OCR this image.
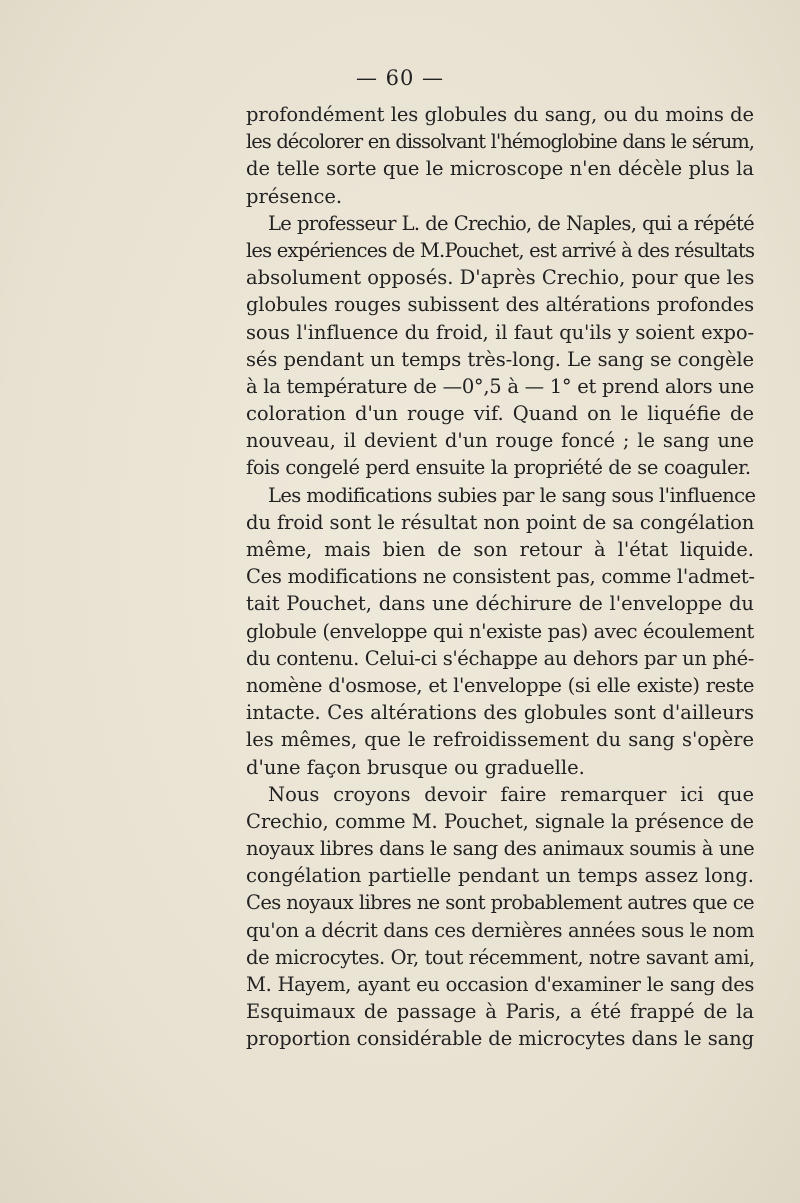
— 60 —
profondément les globules du sang, ou du moins de
les décolorer en dissolvant l'hémoglobine dans le sérum,
de telle sorte que le microscope n'en décèle plus la
présence.
Le professeur L. de Crechio, de Naples, qui a répété
les expériences de M.Pouchet, est arrivé à des résultats
absolument opposés. D'après Crechio, pour que les
globules rouges subissent des altérations profondes
sous l'influence du froid, il faut qu'ils y soient expo-
sés pendant un temps très-long. Le sang se congèle
à la température de —0°,5 à — 1° et prend alors une
coloration d'un rouge vif. Quand on le liquéfie de
nouveau, il devient d'un rouge foncé ; le sang une
fois congelé perd ensuite la propriété de se coaguler.
Les modifications subies par le sang sous l'influence
du froid sont le résultat non point de sa congélation
même, mais bien de son retour à l'état liquide.
Ces modifications ne consistent pas, comme l'admet-
tait Pouchet, dans une déchirure de l'enveloppe du
globule (enveloppe qui n'existe pas) avec écoulement
du contenu. Celui-ci s'échappe au dehors par un phé-
nomène d'osmose, et l'enveloppe (si elle existe) reste
intacte. Ces altérations des globules sont d'ailleurs
les mêmes, que le refroidissement du sang s'opère
d'une façon brusque ou graduelle.
Nous croyons devoir faire remarquer ici que
Crechio, comme M. Pouchet, signale la présence de
noyaux libres dans le sang des animaux soumis à une
congélation partielle pendant un temps assez long.
Ces noyaux libres ne sont probablement autres que ce
qu'on a décrit dans ces dernières années sous le nom
de microcytes. Or, tout récemment, notre savant ami,
M. Hayem, ayant eu occasion d'examiner le sang des
Esquimaux de passage à Paris, a été frappé de la
proportion considérable de microcytes dans le sang
